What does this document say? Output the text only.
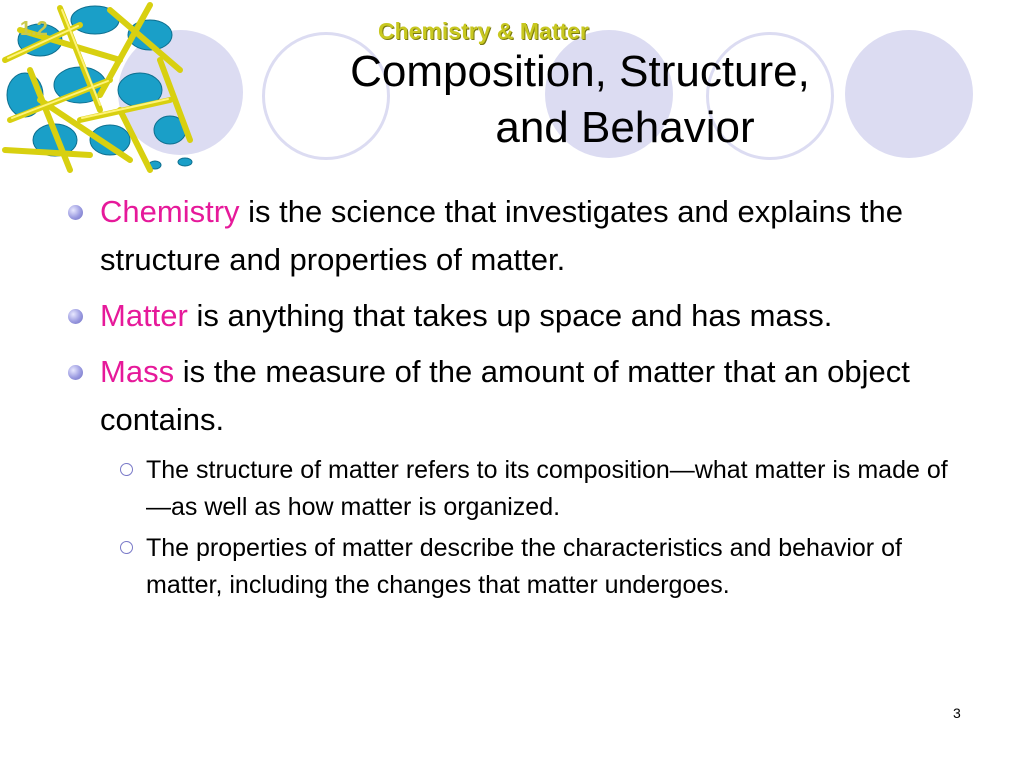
1.2	Chemistry & Matter
Composition, Structure,
and Behavior
Chemistry is the science that investigates and explains the structure and properties of matter.
Matter is anything that takes up space and has mass.
Mass is the measure of the amount of matter that an object contains.
The structure of matter refers to its composition—what matter is made of—as well as how matter is organized.
The properties of matter describe the characteristics and behavior of matter, including the changes that matter undergoes.
3
